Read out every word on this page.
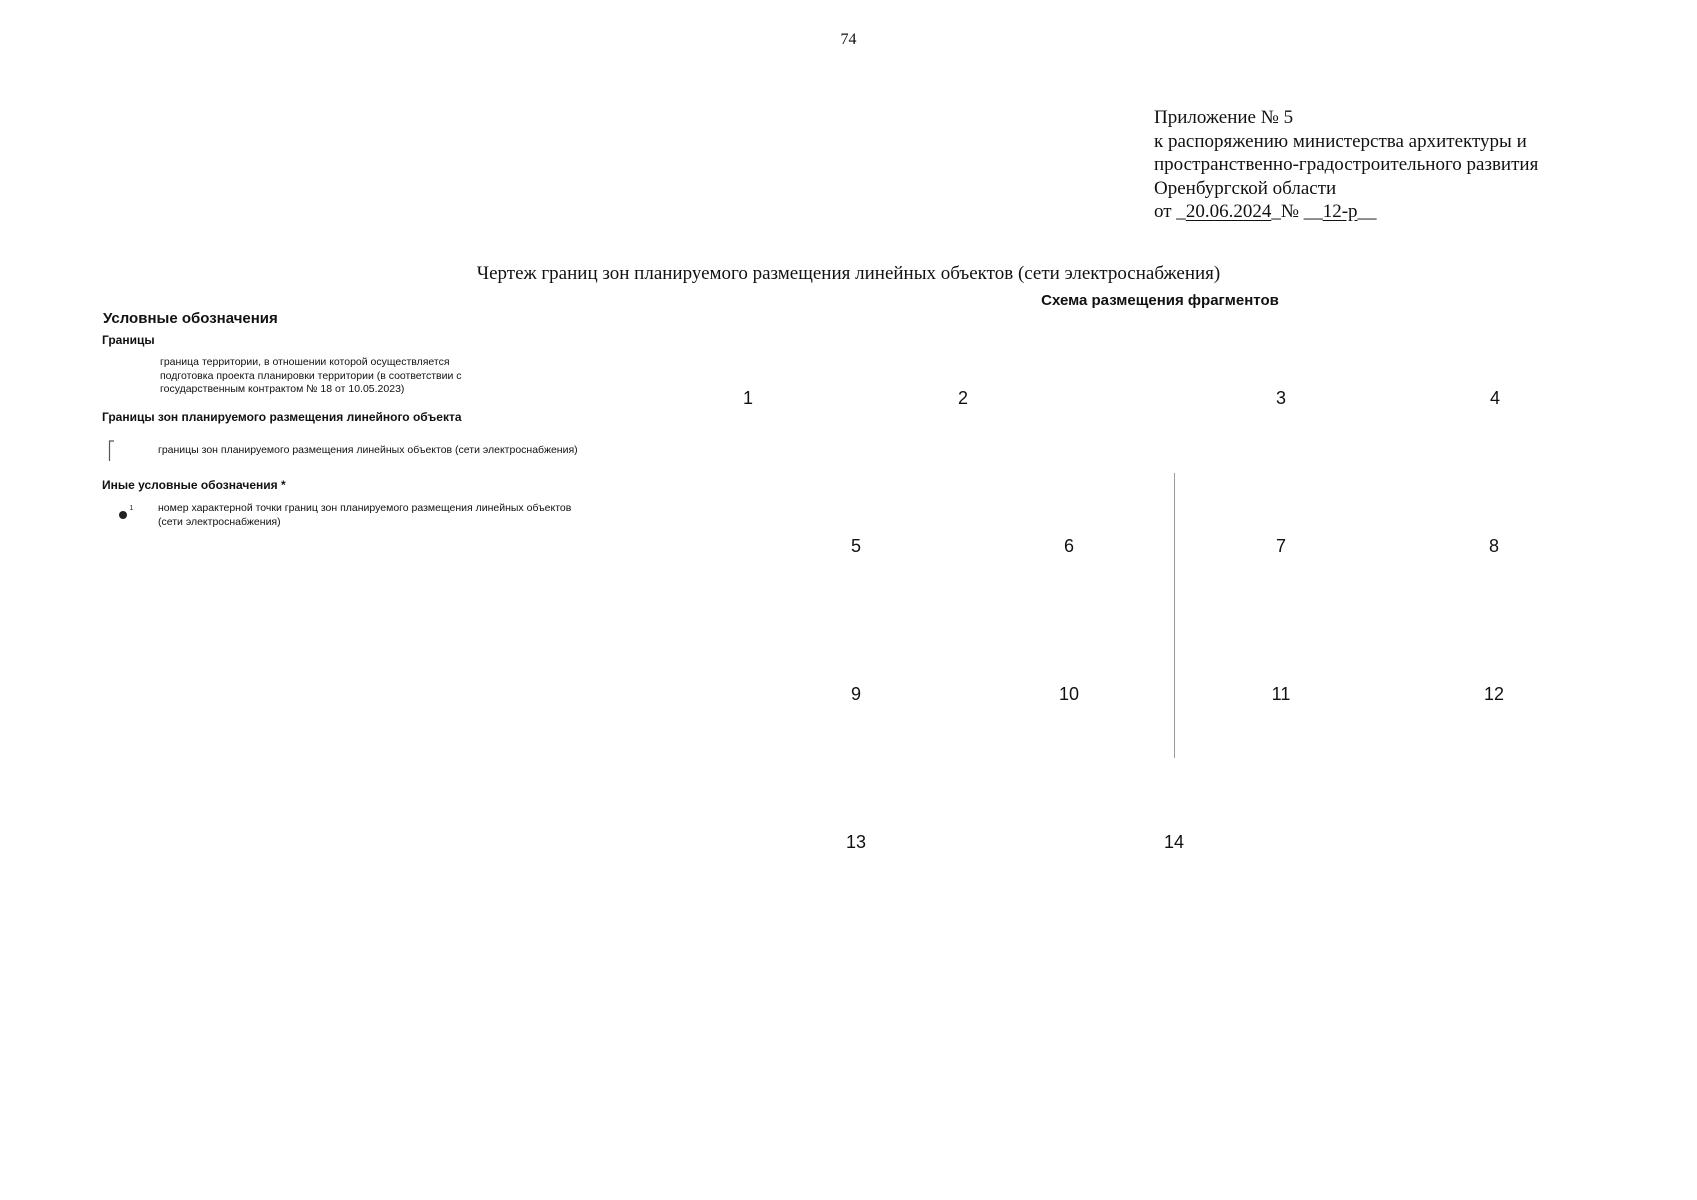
74
Приложение № 5
к распоряжению министерства архитектуры и
пространственно-градостроительного развития
Оренбургской области
от _20.06.2024_№ __12-р__
Чертеж границ зон планируемого размещения линейных объектов (сети электроснабжения)
Схема размещения фрагментов
Условные обозначения
Границы
граница территории, в отношении которой осуществляется
подготовка проекта планировки территории (в соответствии с
государственным контрактом № 18 от 10.05.2023)
Границы зон планируемого размещения линейного объекта
границы зон планируемого размещения линейных объектов (сети электроснабжения)
Иные условные обозначения *
1 номер характерной точки границ зон планируемого размещения линейных объектов
(сети электроснабжения)
1	2	3	4
5	6	7	8
9	10	11	12
13	14
